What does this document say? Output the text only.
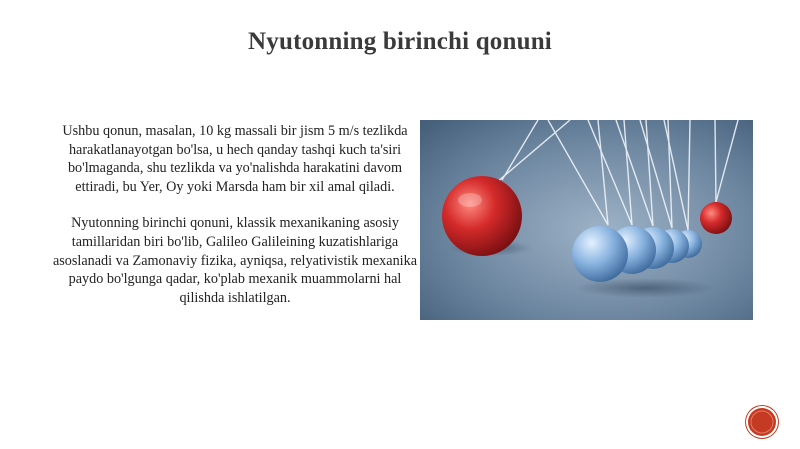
Nyutonning birinchi qonuni

Ushbu qonun, masalan, 10 kg massali bir jism 5 m/s tezlikda harakatlanayotgan bo'lsa, u hech qanday tashqi kuch ta'siri bo'lmaganda, shu tezlikda va yo'nalishda harakatini davom ettiradi, bu Yer, Oy yoki Marsda ham bir xil amal qiladi.

Nyutonning birinchi qonuni, klassik mexanikaning asosiy tamillaridan biri bo'lib, Galileo Galileining kuzatishlariga asoslanadi va Zamonaviy fizika, ayniqsa, relyativistik mexanika paydo bo'lgunga qadar, ko'plab mexanik muammolarni hal qilishda ishlatilgan.
